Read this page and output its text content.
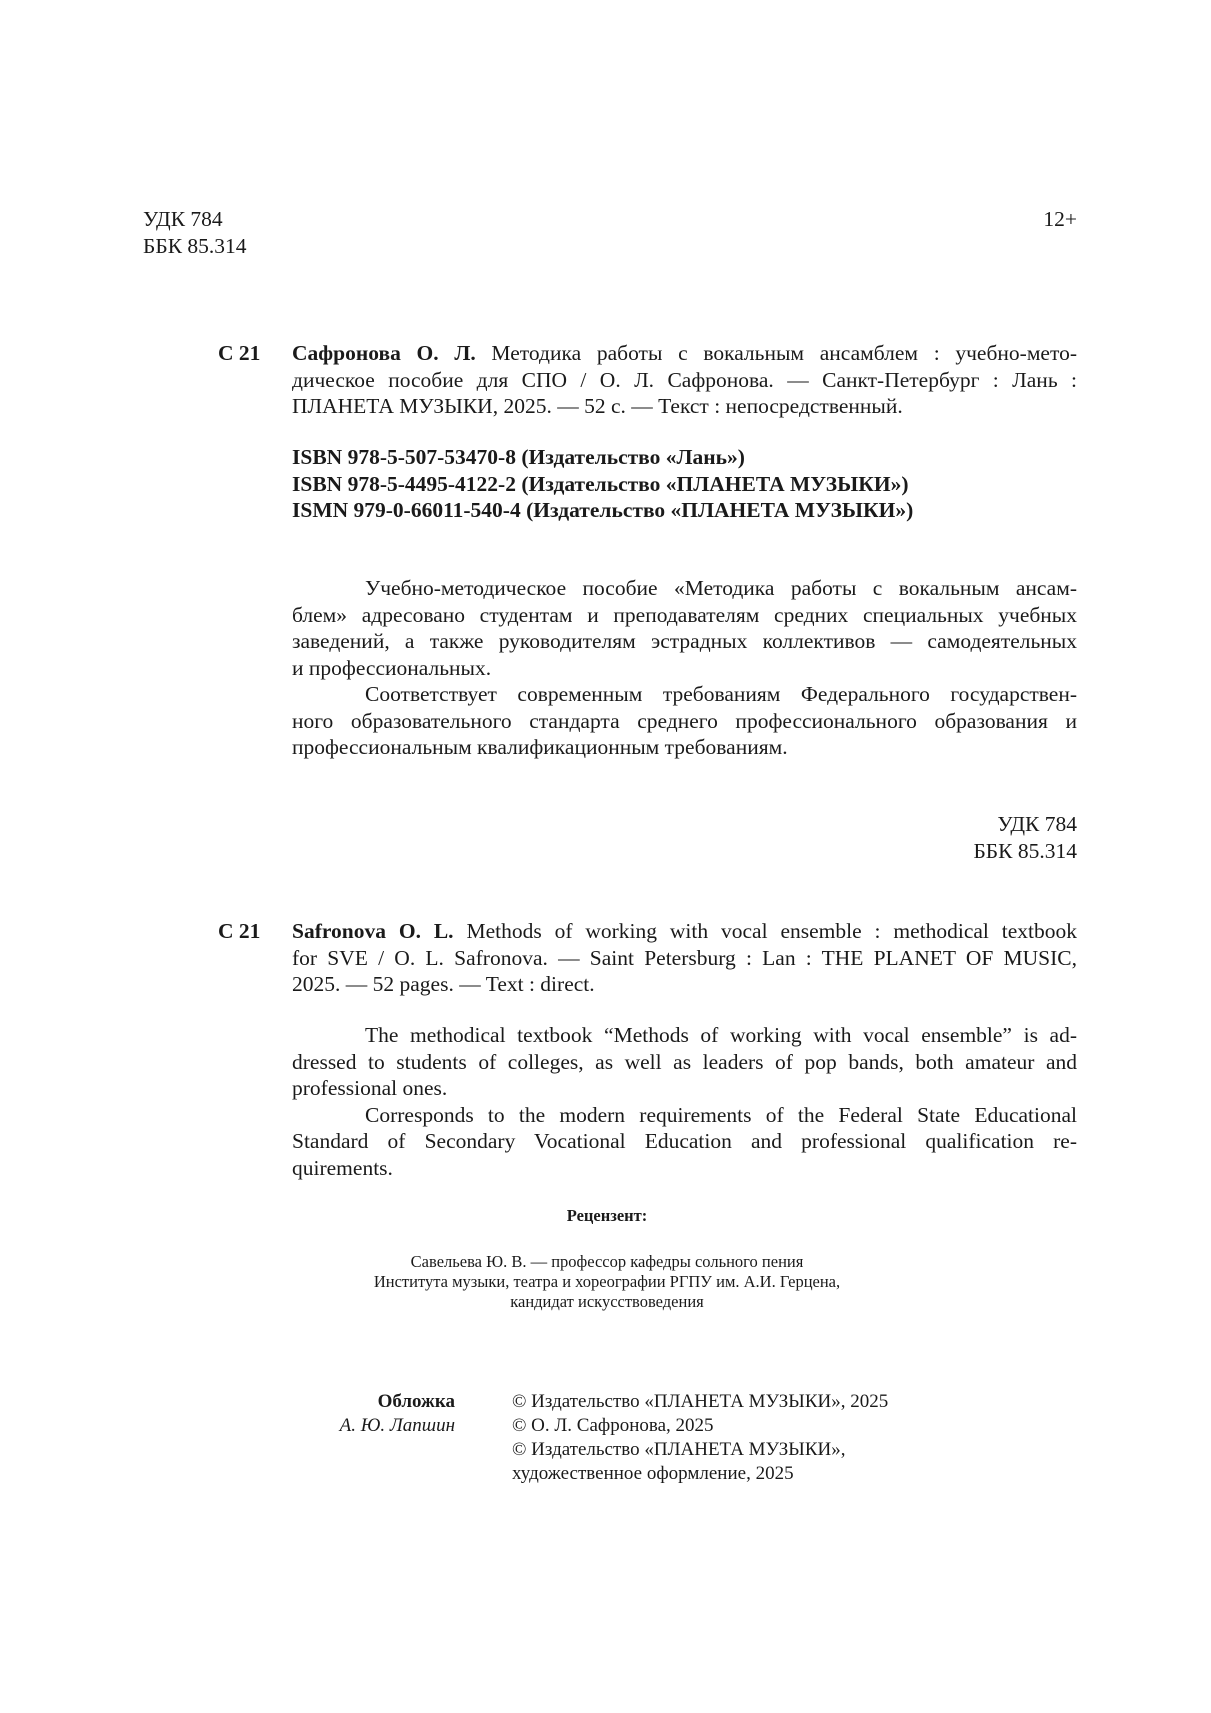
УДК 784
ББК 85.314
12+
С 21 Сафронова О. Л. Методика работы с вокальным ансамблем : учебно-мето-
дическое пособие для СПО / О. Л. Сафронова. — Санкт-Петербург : Лань :
ПЛАНЕТА МУЗЫКИ, 2025. — 52 с. — Текст : непосредственный.
ISBN 978-5-507-53470-8 (Издательство «Лань»)
ISBN 978-5-4495-4122-2 (Издательство «ПЛАНЕТА МУЗЫКИ»)
ISMN 979-0-66011-540-4 (Издательство «ПЛАНЕТА МУЗЫКИ»)
Учебно-методическое пособие «Методика работы с вокальным ансам-
блем» адресовано студентам и преподавателям средних специальных учебных
заведений, а также руководителям эстрадных коллективов — самодеятельных
и профессиональных.
Соответствует современным требованиям Федерального государствен-
ного образовательного стандарта среднего профессионального образования и
профессиональным квалификационным требованиям.
УДК 784
ББК 85.314
С 21 Safronova O. L. Methods of working with vocal ensemble : methodical textbook
for SVE / O. L. Safronova. — Saint Petersburg : Lan : THE PLANET OF MUSIC,
2025. — 52 pages. — Text : direct.
The methodical textbook “Methods of working with vocal ensemble” is ad-
dressed to students of colleges, as well as leaders of pop bands, both amateur and
professional ones.
Corresponds to the modern requirements of the Federal State Educational
Standard of Secondary Vocational Education and professional qualification re-
quirements.
Рецензент:
Савельева Ю. В. — профессор кафедры сольного пения
Института музыки, театра и хореографии РГПУ им. А.И. Герцена,
кандидат искусствоведения
Обложка
А. Ю. Лапшин
© Издательство «ПЛАНЕТА МУЗЫКИ», 2025
© О. Л. Сафронова, 2025
© Издательство «ПЛАНЕТА МУЗЫКИ»,
художественное оформление, 2025
